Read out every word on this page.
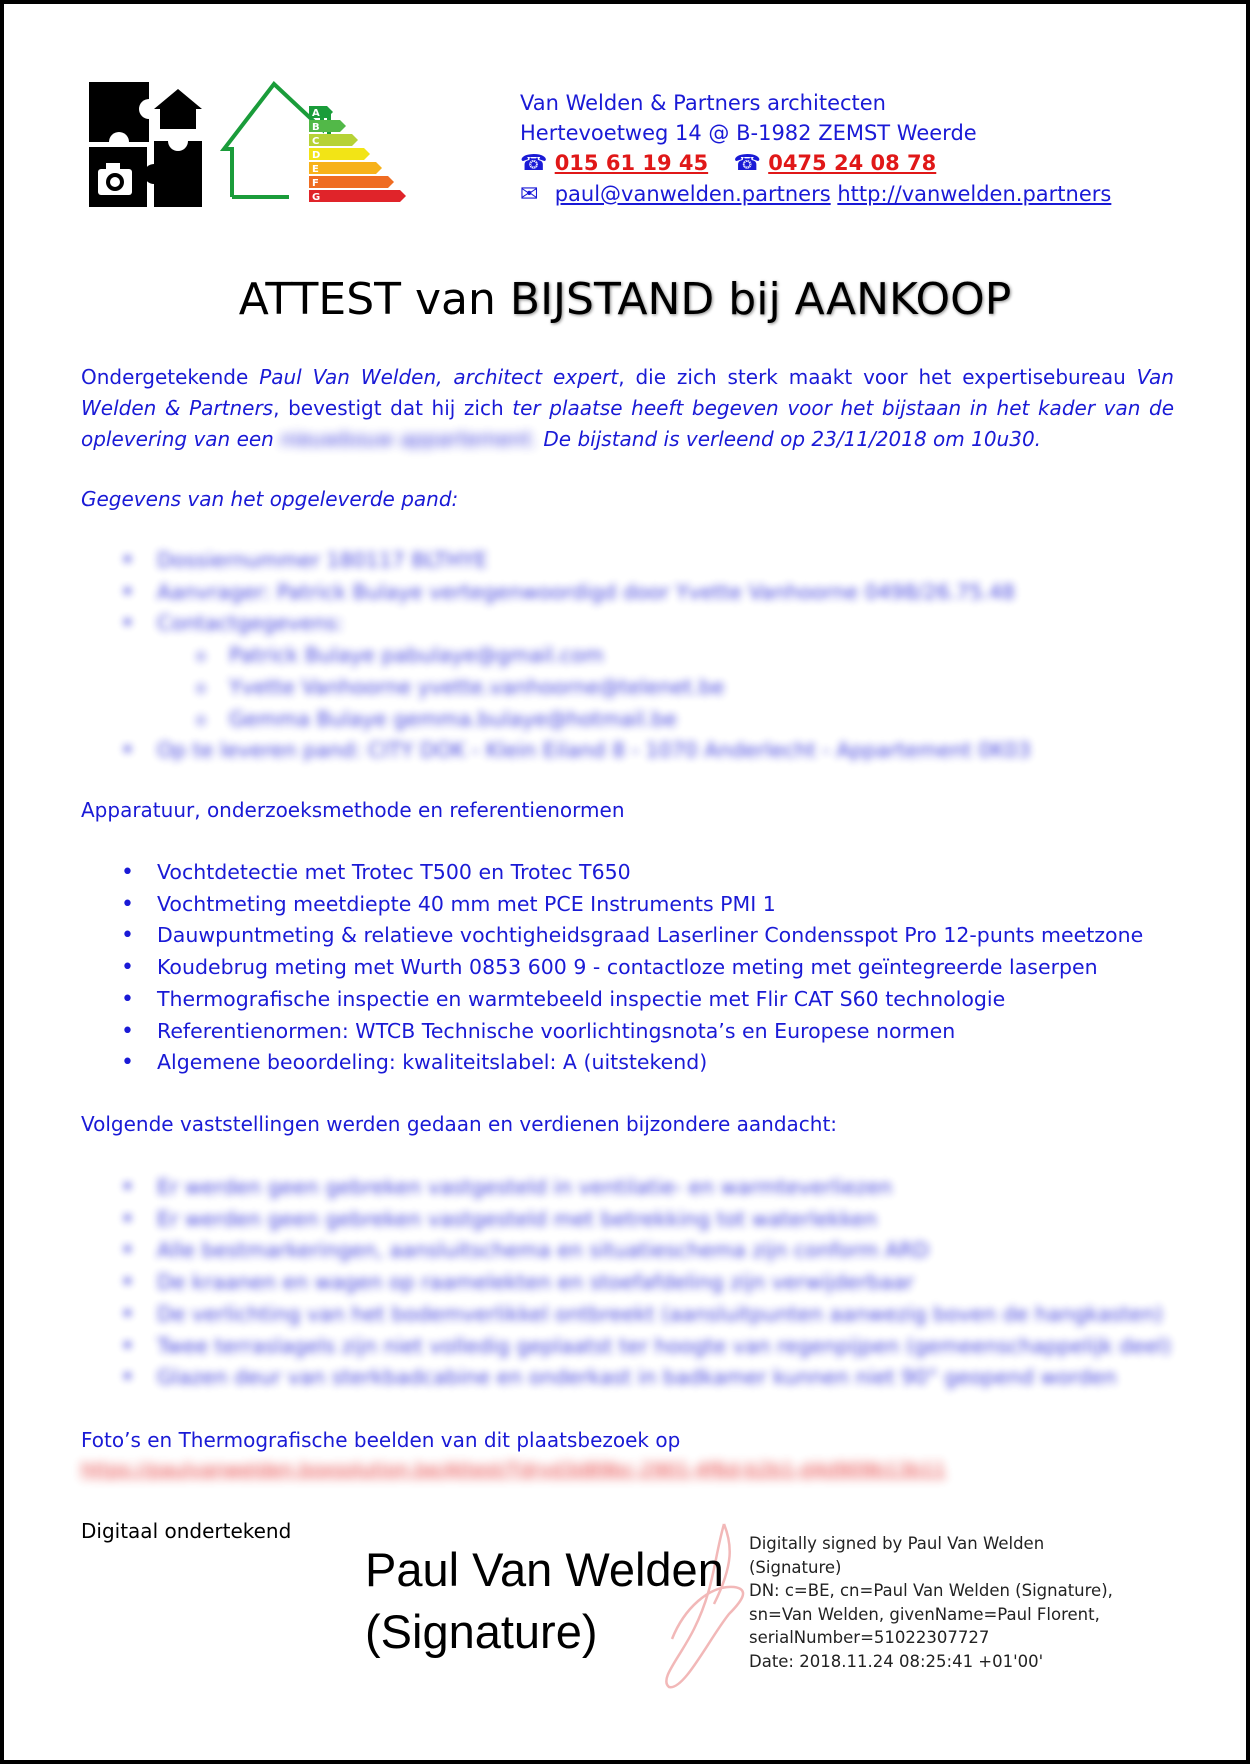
A
B
C
D
E
F
G
Van Welden & Partners architecten
Hertevoetweg 14 @ B-1982 ZEMST Weerde
☎ 015 61 19 45 ☎ 0475 24 08 78
✉ paul@vanwelden.partners http://vanwelden.partners
ATTEST van BIJSTAND bij AANKOOP
Ondergetekende Paul Van Welden, architect expert, die zich sterk maakt voor het expertisebureau Van Welden & Partners, bevestigt dat hij zich ter plaatse heeft begeven voor het bijstaan in het kader van de oplevering van een nieuwbouw appartement. De bijstand is verleend op 23/11/2018 om 10u30.
Gegevens van het opgeleverde pand:
• Dossiernummer 180117 BLTHYE
• Aanvrager: Patrick Bulaye vertegenwoordigd door Yvette Vanhoorne 0498/26.75.48
• Contactgegevens:
o Patrick Bulaye pabulaye@gmail.com
o Yvette Vanhoorne yvette.vanhoorne@telenet.be
o Gemma Bulaye gemma.bulaye@hotmail.be
• Op te leveren pand: CITY DOK - Klein Eiland 8 - 1070 Anderlecht - Appartement 0K03
Apparatuur, onderzoeksmethode en referentienormen
• Vochtdetectie met Trotec T500 en Trotec T650
• Vochtmeting meetdiepte 40 mm met PCE Instruments PMI 1
• Dauwpuntmeting & relatieve vochtigheidsgraad Laserliner Condensspot Pro 12-punts meetzone
• Koudebrug meting met Wurth 0853 600 9 - contactloze meting met geïntegreerde laserpen
• Thermografische inspectie en warmtebeeld inspectie met Flir CAT S60 technologie
• Referentienormen: WTCB Technische voorlichtingsnota’s en Europese normen
• Algemene beoordeling: kwaliteitslabel: A (uitstekend)
Volgende vaststellingen werden gedaan en verdienen bijzondere aandacht:
• Er werden geen gebreken vastgesteld in ventilatie- en warmteverliezen
• Er werden geen gebreken vastgesteld met betrekking tot waterlekken
• Alle bestmarkeringen, aansluitschema en situatieschema zijn conform ARD
• De kraanen en wagen op raamelekten en stoefafdeling zijn verwijderbaar
• De verlichting van het bodemverlikkel ontbreekt (aansluitpunten aanwezig boven de hangkasten)
• Twee terraslagels zijn niet volledig geplaatst ter hoogte van regenpijpen (gemeenschappelijk deel)
• Glazen deur van sterkbadcabine en onderkast in badkamer kunnen niet 90° geopend worden
Foto’s en Thermografische beelden van dit plaatsbezoek op
https://paulvanwelden.boxsolution.be/Attest/Tdrvd3d89bc-2901-4f6d-b2b1-d4d909b13b11
Digitaal ondertekend
Paul Van Welden
(Signature)
Digitally signed by Paul Van Welden
(Signature)
DN: c=BE, cn=Paul Van Welden (Signature),
sn=Van Welden, givenName=Paul Florent,
serialNumber=51022307727
Date: 2018.11.24 08:25:41 +01'00'
